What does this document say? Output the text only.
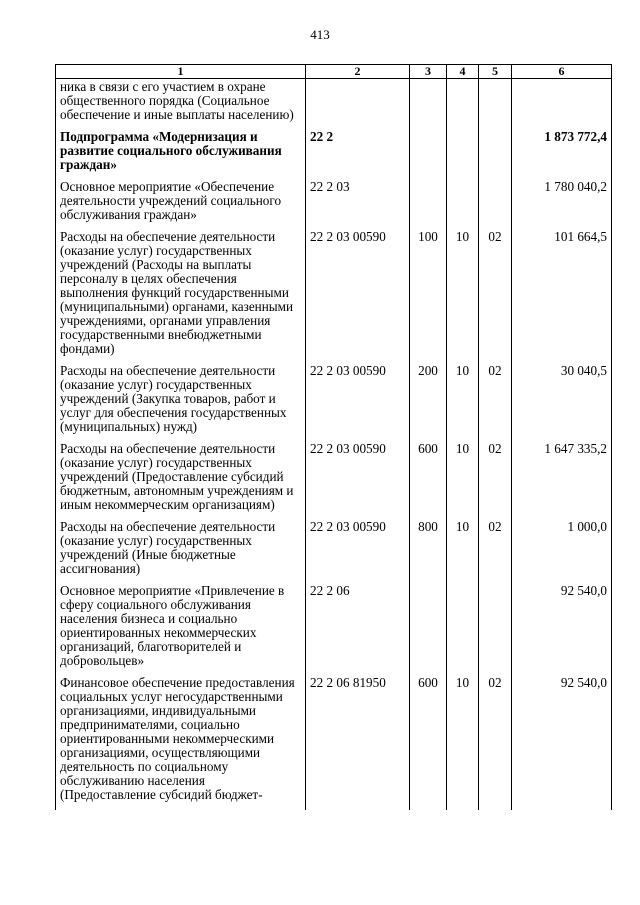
413
1	2	3	4	5	6
ника в связи с его участием в охране общественного порядка (Социальное обеспечение и иные выплаты населению)					
Подпрограмма «Модернизация и развитие социального обслуживания граждан»	22 2				1 873 772,4
Основное мероприятие «Обеспечение деятельности учреждений социального обслуживания граждан»	22 2 03				1 780 040,2
Расходы на обеспечение деятельности (оказание услуг) государственных учреждений (Расходы на выплаты персоналу в целях обеспечения выполнения функций государственными (муниципальными) органами, казенными учреждениями, органами управления государственными внебюджетными фондами)	22 2 03 00590	100	10	02	101 664,5
Расходы на обеспечение деятельности (оказание услуг) государственных учреждений (Закупка товаров, работ и услуг для обеспечения государственных (муниципальных) нужд)	22 2 03 00590	200	10	02	30 040,5
Расходы на обеспечение деятельности (оказание услуг) государственных учреждений (Предоставление субсидий бюджетным, автономным учреждениям и иным некоммерческим организациям)	22 2 03 00590	600	10	02	1 647 335,2
Расходы на обеспечение деятельности (оказание услуг) государственных учреждений (Иные бюджетные ассигнования)	22 2 03 00590	800	10	02	1 000,0
Основное мероприятие «Привлечение в сферу социального обслуживания населения бизнеса и социально ориентированных некоммерческих организаций, благотворителей и добровольцев»	22 2 06				92 540,0
Финансовое обеспечение предоставления социальных услуг негосударственными организациями, индивидуальными предпринимателями, социально ориентированными некоммерческими организациями, осуществляющими деятельность по социальному обслуживанию населения (Предоставление субсидий бюджет-	22 2 06 81950	600	10	02	92 540,0
